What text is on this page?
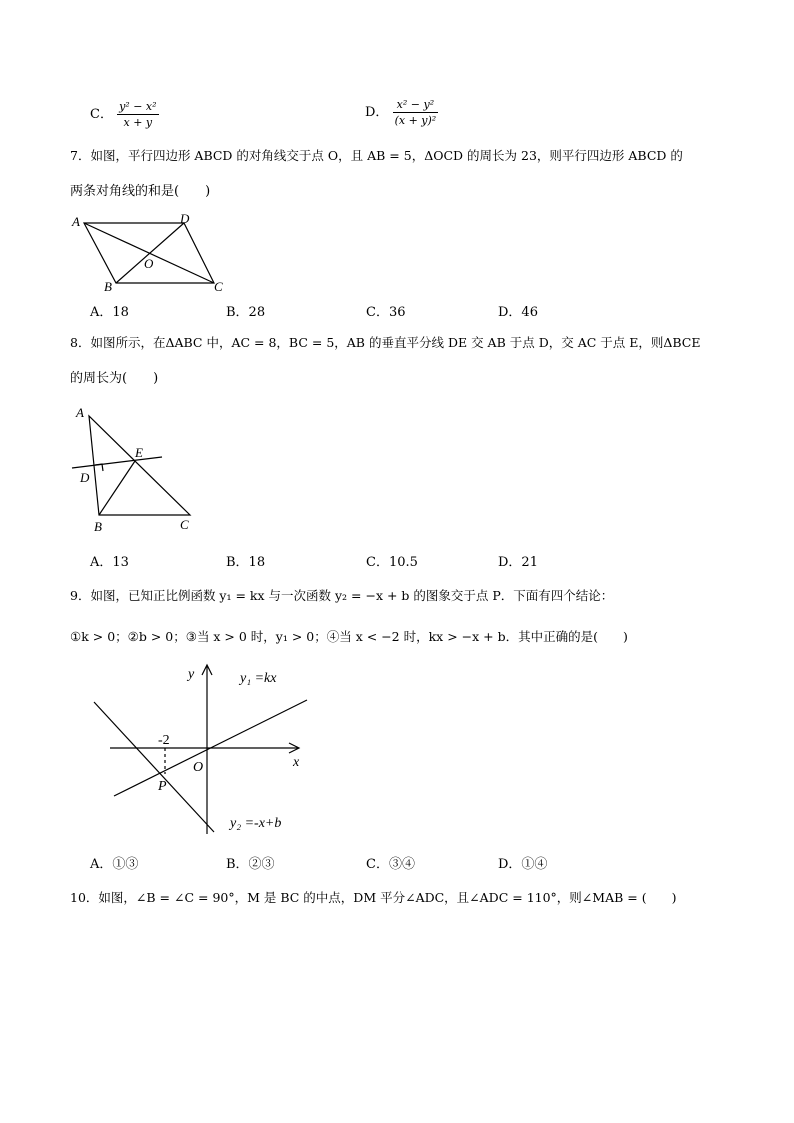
C． $\frac{\text{y² − x²}}{x + y}$	D． $\frac{\text{x² − y²}}{\text{(x + y)²}}$
7．如图，平行四边形 ABCD 的对角线交于点 O，且 AB = 5，ΔOCD 的周长为 23，则平行四边形 ABCD 的
两条对角线的和是(　　)
A	D
O
B	C
A．18	B．28	C．36	D．46
8．如图所示，在ΔABC 中，AC = 8，BC = 5，AB 的垂直平分线 DE 交 AB 于点 D，交 AC 于点 E，则ΔBCE
的周长为(　　)
A
E
D
B	C
A．13	B．18	C．10.5	D．21
9．如图，已知正比例函数 y₁ = kx 与一次函数 y₂ = −x + b 的图象交于点 P．下面有四个结论：
①k > 0；②b > 0；③当 x > 0 时，y₁ > 0；④当 x < −2 时，kx > −x + b．其中正确的是(　　)
y	y₁ =kx
-2
O	x
P
y₂ =-x+b
A．①③	B．②③	C．③④	D．①④
10．如图，∠B = ∠C = 90°，M 是 BC 的中点，DM 平分∠ADC，且∠ADC = 110°，则∠MAB = (　　)
